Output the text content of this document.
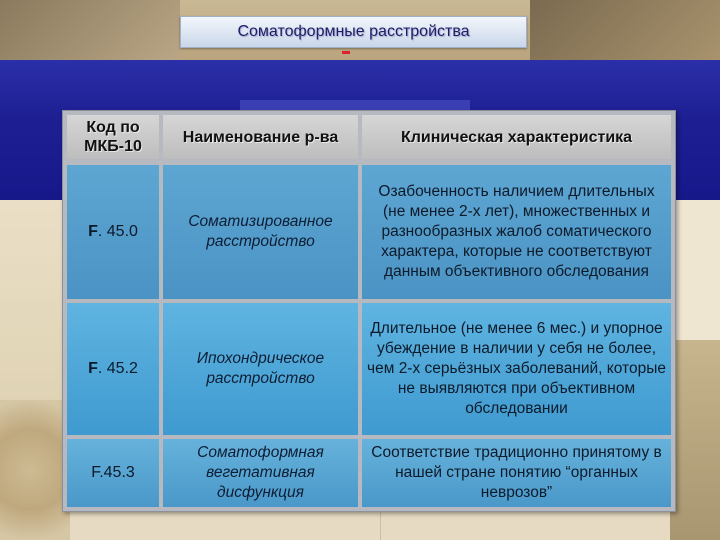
Соматоформные расстройства
Код по МКБ-10
Наименование р-ва	Клиническая характеристика
F. 45.0
Соматизированное расстройство
Озабоченность наличием длительных (не менее 2-х лет), множественных и разнообразных жалоб соматического характера, которые не соответствуют данным объективного обследования
F. 45.2
Ипохондрическое расстройство
Длительное (не менее 6 мес.) и упорное убеждение в наличии у себя не более, чем 2-х серьёзных заболеваний, которые не выявляются при объективном обследовании
F.45.3
Соматоформная вегетативная дисфункция
Соответствие традиционно принятому в нашей стране понятию “органных неврозов”
